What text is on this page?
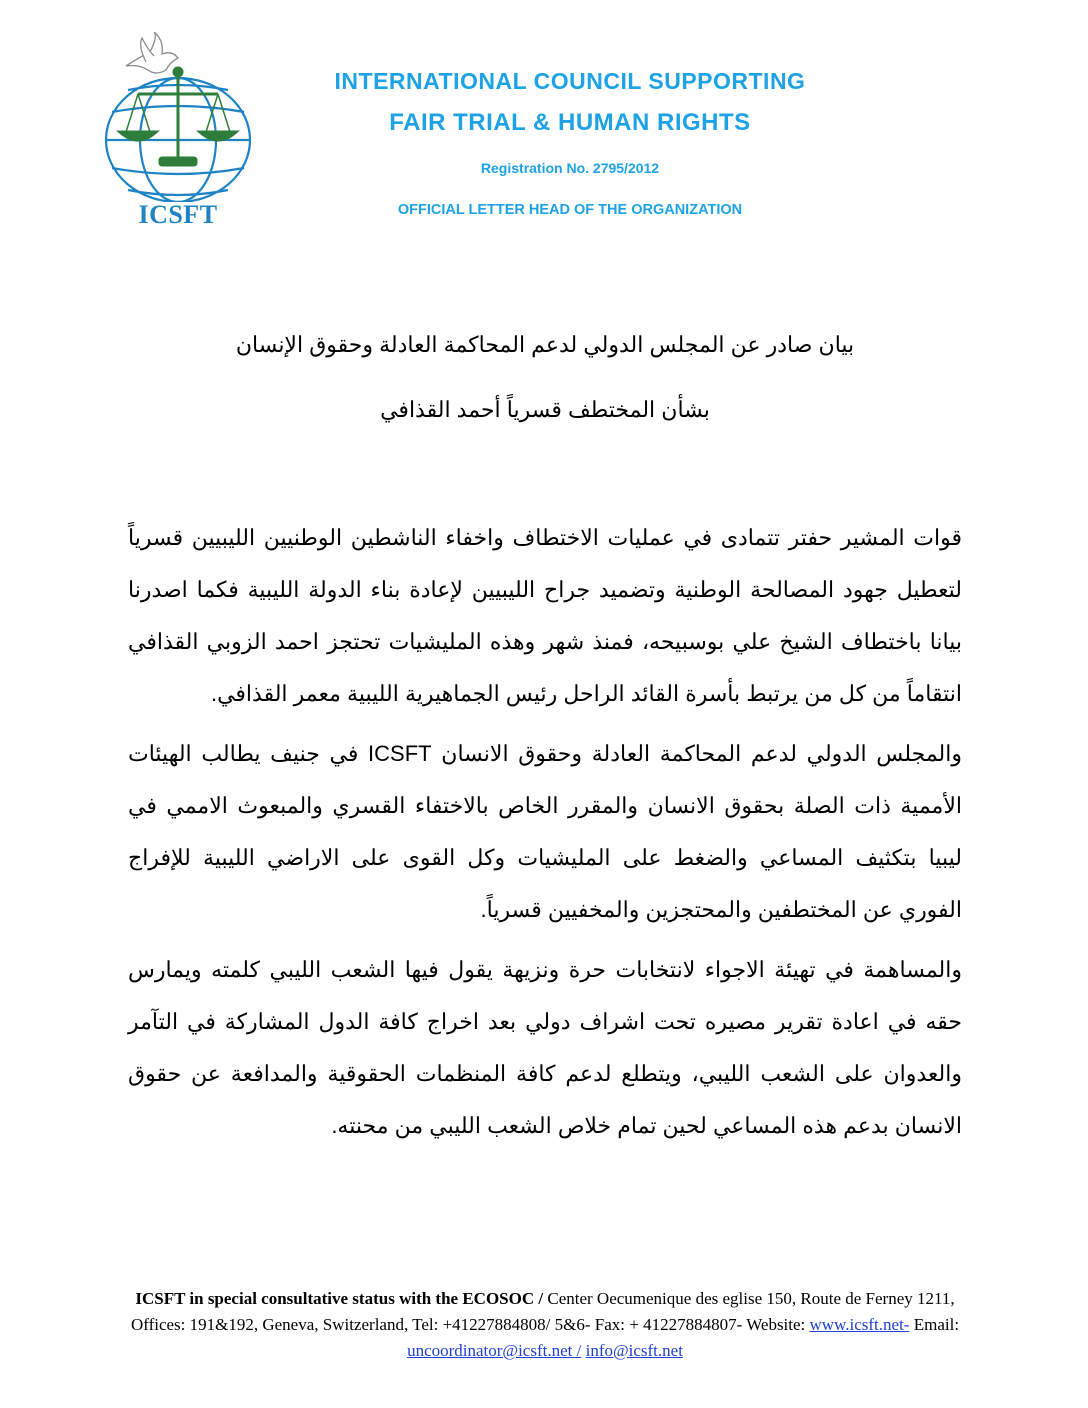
ICSFT
INTERNATIONAL COUNCIL SUPPORTING
FAIR TRIAL & HUMAN RIGHTS
Registration No. 2795/2012
OFFICIAL LETTER HEAD OF THE ORGANIZATION
بيان صادر عن المجلس الدولي لدعم المحاكمة العادلة وحقوق الإنسان
بشأن المختطف قسرياً أحمد القذافي

قوات المشير حفتر تتمادى في عمليات الاختطاف واخفاء الناشطين الوطنيين الليبيين قسرياً لتعطيل جهود المصالحة الوطنية وتضميد جراح الليبيين لإعادة بناء الدولة الليبية فكما اصدرنا بيانا باختطاف الشيخ علي بوسبيحه، فمنذ شهر وهذه المليشيات تحتجز احمد الزوبي القذافي انتقاماً من كل من يرتبط بأسرة القائد الراحل رئيس الجماهيرية الليبية معمر القذافي.

والمجلس الدولي لدعم المحاكمة العادلة وحقوق الانسان ICSFT في جنيف يطالب الهيئات الأممية ذات الصلة بحقوق الانسان والمقرر الخاص بالاختفاء القسري والمبعوث الاممي في ليبيا بتكثيف المساعي والضغط على المليشيات وكل القوى على الاراضي الليبية للإفراج الفوري عن المختطفين والمحتجزين والمخفيين قسرياً.

والمساهمة في تهيئة الاجواء لانتخابات حرة ونزيهة يقول فيها الشعب الليبي كلمته ويمارس حقه في اعادة تقرير مصيره تحت اشراف دولي بعد اخراج كافة الدول المشاركة في التآمر والعدوان على الشعب الليبي، ويتطلع لدعم كافة المنظمات الحقوقية والمدافعة عن حقوق الانسان بدعم هذه المساعي لحين تمام خلاص الشعب الليبي من محنته.

ICSFT in special consultative status with the ECOSOC / Center Oecumenique des eglise 150, Route de Ferney 1211, Offices: 191&192, Geneva, Switzerland, Tel: +41227884808/ 5&6- Fax: + 41227884807- Website: www.icsft.net- Email: uncoordinator@icsft.net / info@icsft.net
